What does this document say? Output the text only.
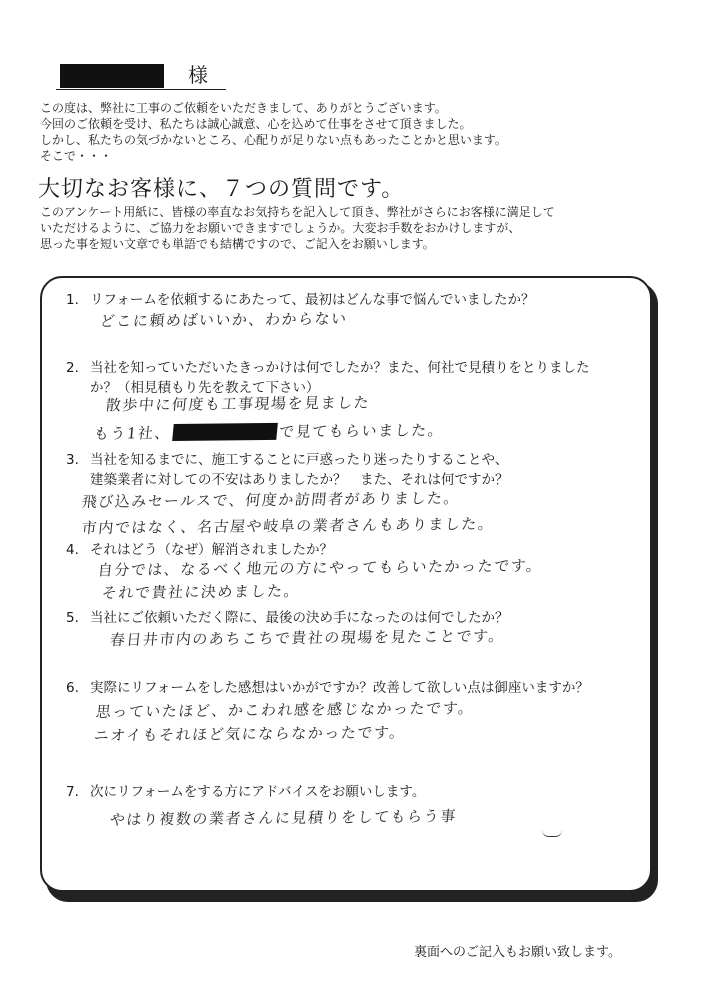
様
この度は、弊社に工事のご依頼をいただきまして、ありがとうございます。
今回のご依頼を受け、私たちは誠心誠意、心を込めて仕事をさせて頂きました。
しかし、私たちの気づかないところ、心配りが足りない点もあったことかと思います。
そこで・・・
大切なお客様に、７つの質問です。
このアンケート用紙に、皆様の率直なお気持ちを記入して頂き、弊社がさらにお客様に満足して
いただけるように、ご協力をお願いできますでしょうか。大変お手数をおかけしますが、
思った事を短い文章でも単語でも結構ですので、ご記入をお願いします。
1. リフォームを依頼するにあたって、最初はどんな事で悩んでいましたか？
どこに頼めばいいか、わからない
2. 当社を知っていただいたきっかけは何でしたか？また、何社で見積りをとりました
か？（相見積もり先を教えて下さい）
散歩中に何度も工事現場を見ました
もう1社、	で見てもらいました。
3. 当社を知るまでに、施工することに戸惑ったり迷ったりすることや、
建築業者に対しての不安はありましたか？　また、それは何ですか？
飛び込みセールスで、何度か訪問者がありました。
市内ではなく、名古屋や岐阜の業者さんもありました。
4. それはどう（なぜ）解消されましたか？
自分では、なるべく地元の方にやってもらいたかったです。
それで貴社に決めました。
5. 当社にご依頼いただく際に、最後の決め手になったのは何でしたか？
春日井市内のあちこちで貴社の現場を見たことです。
6. 実際にリフォームをした感想はいかがですか？改善して欲しい点は御座いますか？
思っていたほど、かこわれ感を感じなかったです。
ニオイもそれほど気にならなかったです。
7. 次にリフォームをする方にアドバイスをお願いします。
やはり複数の業者さんに見積りをしてもらう事
裏面へのご記入もお願い致します。
